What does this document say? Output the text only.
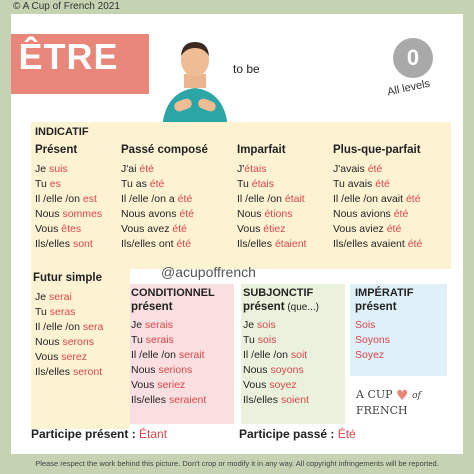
© A Cup of French 2021
ÊTRE	to be	0
All levels
@acupoffrench
INDICATIF
Présent
Je suis
Tu es
Il /elle /on est
Nous sommes
Vous êtes
Ils/elles sont
Passé composé
J'ai été
Tu as été
Il /elle /on a été
Nous avons été
Vous avez été
Ils/elles ont été
Imparfait
J'étais
Tu étais
Il /elle /on était
Nous étions
Vous étiez
Ils/elles étaient
Plus-que-parfait
J'avais été
Tu avais été
Il /elle /on avait été
Nous avions été
Vous aviez été
Ils/elles avaient été
Futur simple
Je serai
Tu seras
Il /elle /on sera
Nous serons
Vous serez
Ils/elles seront
CONDITIONNEL
présent
Je serais
Tu serais
Il /elle /on serait
Nous serions
Vous seriez
Ils/elles seraient
SUBJONCTIF
présent (que...)
Je sois
Tu sois
Il /elle /on soit
Nous soyons
Vous soyez
Ils/elles soient
IMPÉRATIF
présent
Sois
Soyons
Soyez
A CUP ♥ of FRENCH
Participe présent : Étant	Participe passé : Été
Please respect the work behind this picture. Don't crop or modify it in any way. All copyright infringements will be reported.
